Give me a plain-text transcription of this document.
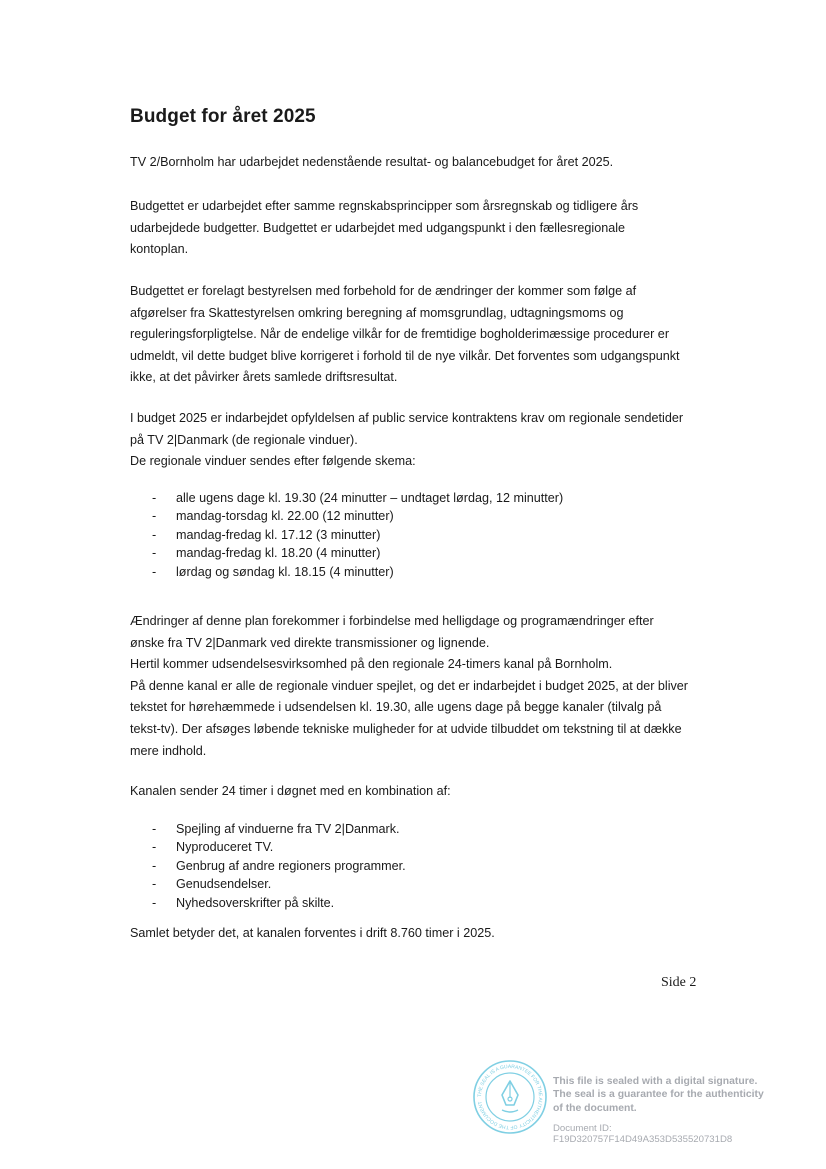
Budget for året 2025

TV 2/Bornholm har udarbejdet nedenstående resultat- og balancebudget for året 2025.

Budgettet er udarbejdet efter samme regnskabsprincipper som årsregnskab og tidligere års
udarbejdede budgetter. Budgettet er udarbejdet med udgangspunkt i den fællesregionale
kontoplan.

Budgettet er forelagt bestyrelsen med forbehold for de ændringer der kommer som følge af
afgørelser fra Skattestyrelsen omkring beregning af momsgrundlag, udtagningsmoms og
reguleringsforpligtelse. Når de endelige vilkår for de fremtidige bogholderimæssige procedurer er
udmeldt, vil dette budget blive korrigeret i forhold til de nye vilkår. Det forventes som udgangspunkt
ikke, at det påvirker årets samlede driftsresultat.

I budget 2025 er indarbejdet opfyldelsen af public service kontraktens krav om regionale sendetider
på TV 2|Danmark (de regionale vinduer).
De regionale vinduer sendes efter følgende skema:

- alle ugens dage kl. 19.30 (24 minutter – undtaget lørdag, 12 minutter)
- mandag-torsdag kl. 22.00 (12 minutter)
- mandag-fredag kl. 17.12 (3 minutter)
- mandag-fredag kl. 18.20 (4 minutter)
- lørdag og søndag kl. 18.15 (4 minutter)

Ændringer af denne plan forekommer i forbindelse med helligdage og programændringer efter
ønske fra TV 2|Danmark ved direkte transmissioner og lignende.
Hertil kommer udsendelsesvirksomhed på den regionale 24-timers kanal på Bornholm.
På denne kanal er alle de regionale vinduer spejlet, og det er indarbejdet i budget 2025, at der bliver
tekstet for hørehæmmede i udsendelsen kl. 19.30, alle ugens dage på begge kanaler (tilvalg på
tekst-tv). Der afsøges løbende tekniske muligheder for at udvide tilbuddet om tekstning til at dække
mere indhold.

Kanalen sender 24 timer i døgnet med en kombination af:

- Spejling af vinduerne fra TV 2|Danmark.
- Nyproduceret TV.
- Genbrug af andre regioners programmer.
- Genudsendelser.
- Nyhedsoverskrifter på skilte.

Samlet betyder det, at kanalen forventes i drift 8.760 timer i 2025.

Side 2
THE SEAL IS A GUARANTEE FOR THE AUTHENTICITY OF THE DOCUMENT
This file is sealed with a digital signature.
The seal is a guarantee for the authenticity
of the document.
Document ID:
F19D320757F14D49A353D535520731D8
